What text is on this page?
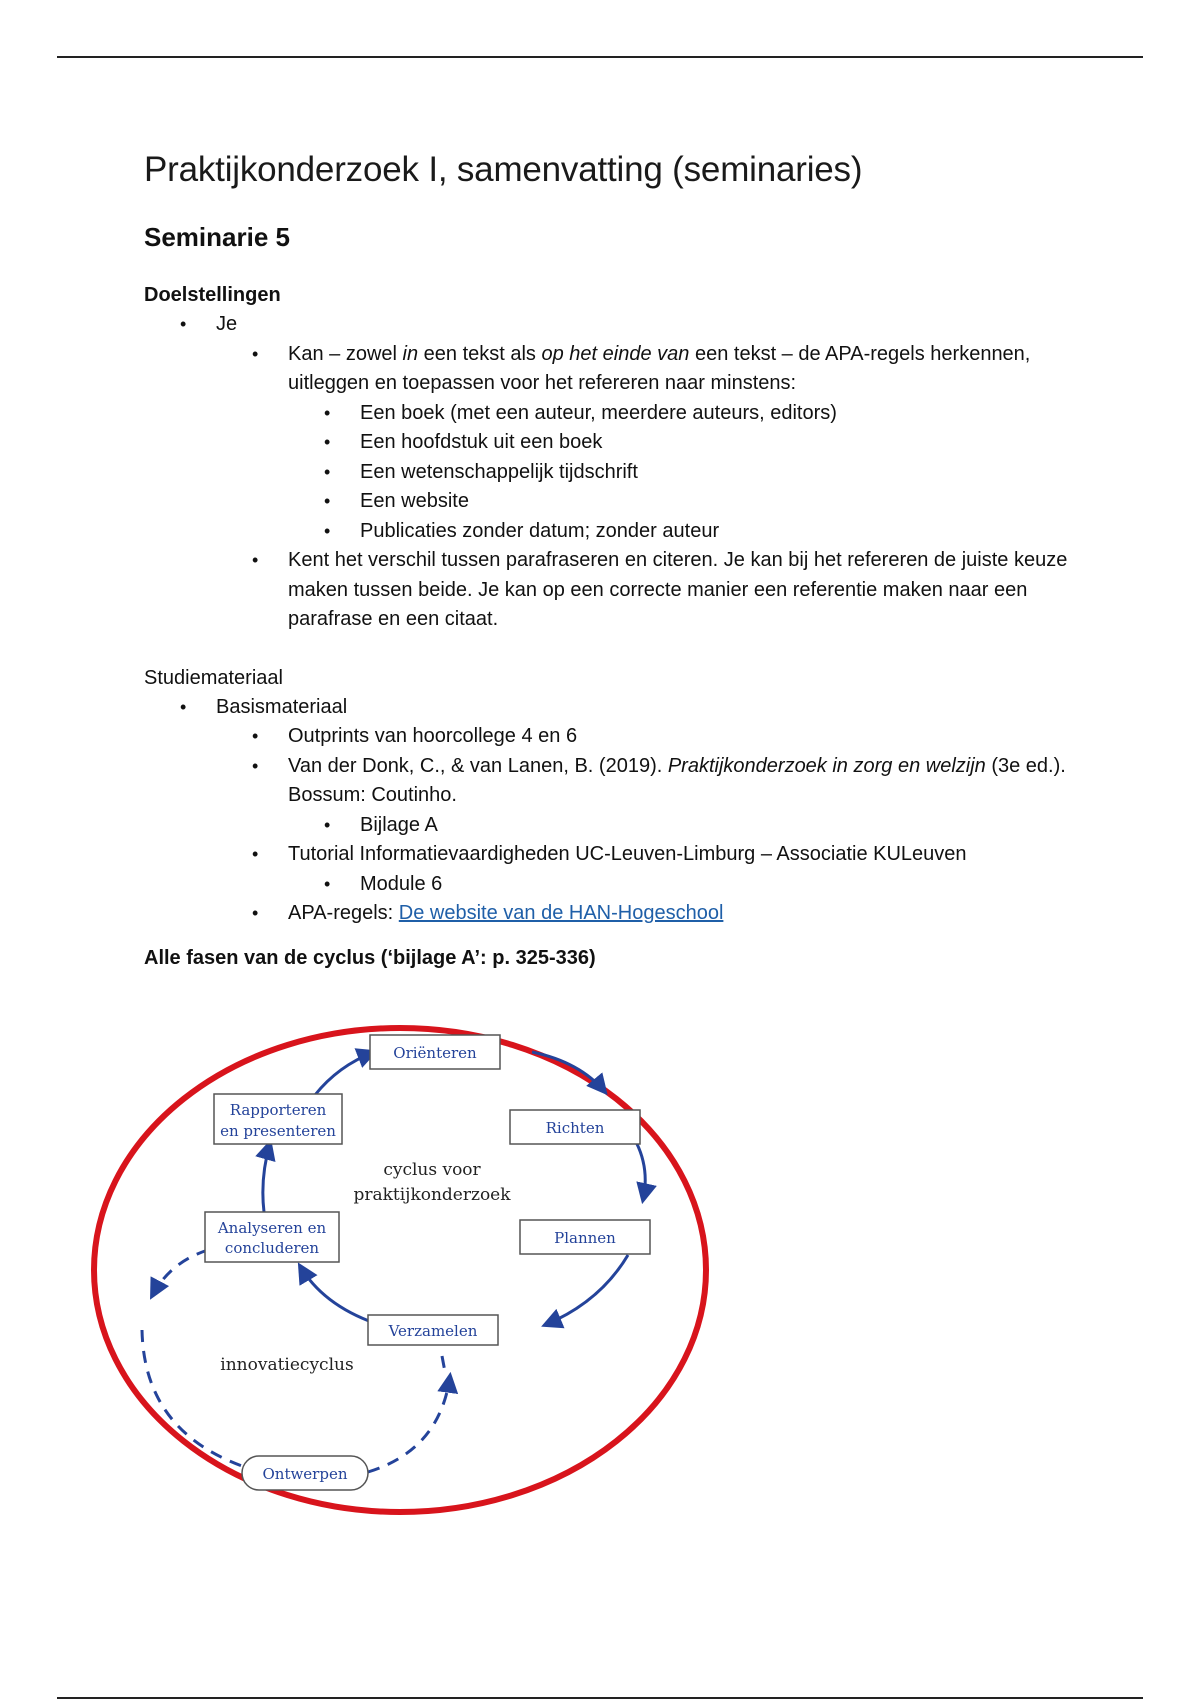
Praktijkonderzoek I, samenvatting (seminaries)
Seminarie 5
Doelstellingen
• Je
• Kan – zowel in een tekst als op het einde van een tekst – de APA-regels herkennen, uitleggen en toepassen voor het refereren naar minstens:
• Een boek (met een auteur, meerdere auteurs, editors)
• Een hoofdstuk uit een boek
• Een wetenschappelijk tijdschrift
• Een website
• Publicaties zonder datum; zonder auteur
• Kent het verschil tussen parafraseren en citeren. Je kan bij het refereren de juiste keuze maken tussen beide. Je kan op een correcte manier een referentie maken naar een parafrase en een citaat.
Studiemateriaal
• Basismateriaal
• Outprints van hoorcollege 4 en 6
• Van der Donk, C., & van Lanen, B. (2019). Praktijkonderzoek in zorg en welzijn (3e ed.). Bossum: Coutinho.
• Bijlage A
• Tutorial Informatievaardigheden UC-Leuven-Limburg – Associatie KULeuven
• Module 6
• APA-regels: De website van de HAN-Hogeschool
Alle fasen van de cyclus (‘bijlage A’: p. 325-336)
Oriënteren
Richten
Plannen
Verzamelen
Analyseren en
concluderen
Rapporteren
en presenteren
Ontwerpen
cyclus voor
praktijkonderzoek
innovatiecyclus
